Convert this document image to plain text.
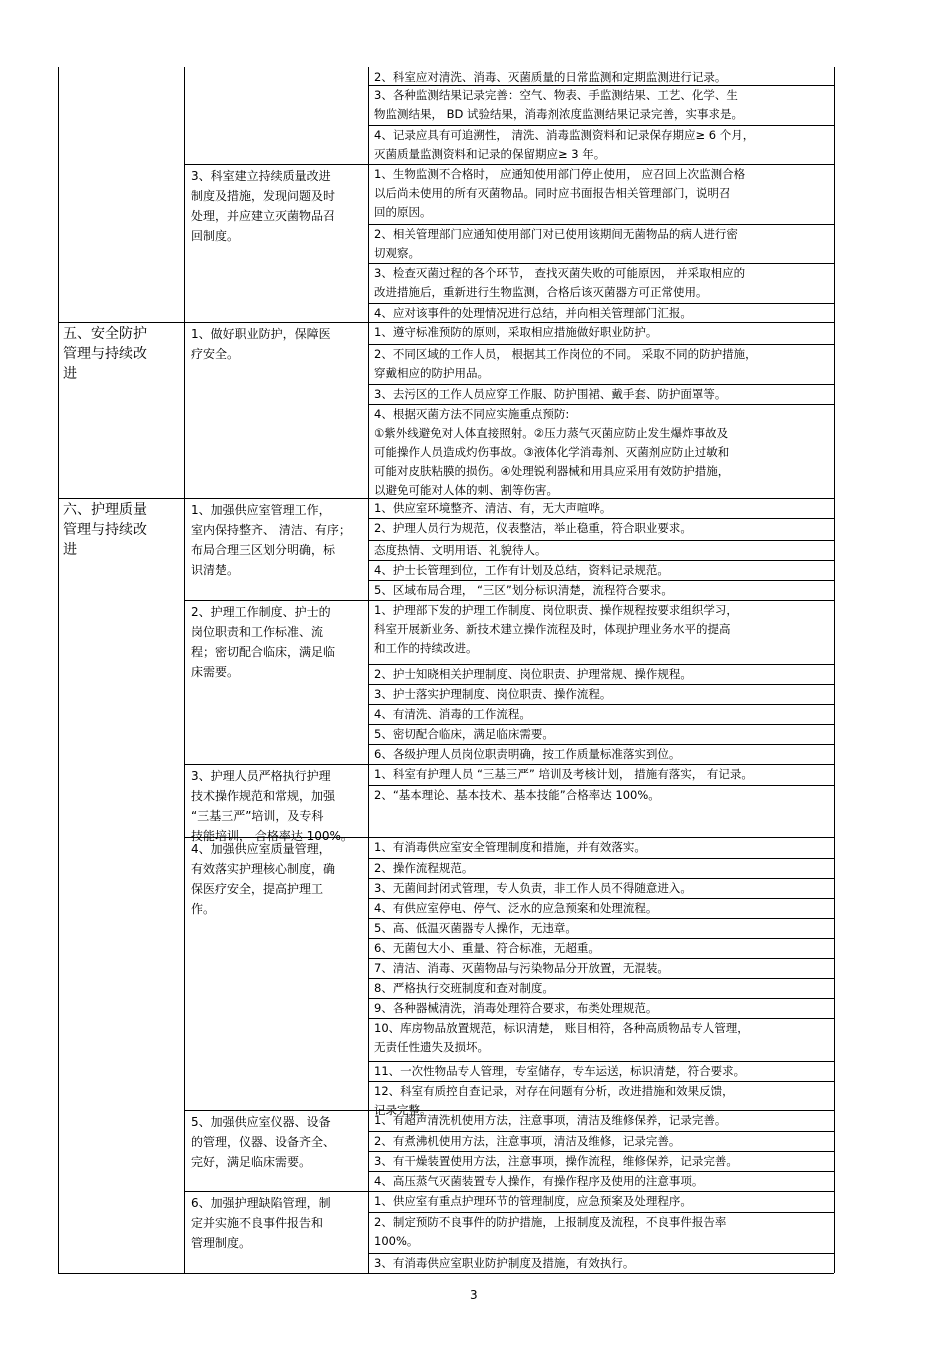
2、科室应对清洗、消毒、灭菌质量的日常监测和定期监测进行记录。
3、各种监测结果记录完善：空气、物表、手监测结果、工艺、化学、生
物监测结果， BD 试验结果，消毒剂浓度监测结果记录完善，实事求是。
4、记录应具有可追溯性， 清洗、消毒监测资料和记录保存期应≥ 6 个月，
灭菌质量监测资料和记录的保留期应≥ 3 年。
3、科室建立持续质量改进
制度及措施，发现问题及时
处理，并应建立灭菌物品召
回制度。
1、生物监测不合格时， 应通知使用部门停止使用， 应召回上次监测合格
以后尚未使用的所有灭菌物品。同时应书面报告相关管理部门，说明召
回的原因。
2、相关管理部门应通知使用部门对已使用该期间无菌物品的病人进行密
切观察。
3、检查灭菌过程的各个环节， 查找灭菌失败的可能原因， 并采取相应的
改进措施后，重新进行生物监测，合格后该灭菌器方可正常使用。
4、应对该事件的处理情况进行总结，并向相关管理部门汇报。
五、安全防护
管理与持续改
进
1、做好职业防护，保障医
疗安全。
1、遵守标准预防的原则，采取相应措施做好职业防护。
2、不同区域的工作人员， 根据其工作岗位的不同。 采取不同的防护措施，
穿戴相应的防护用品。
3、去污区的工作人员应穿工作服、防护围裙、戴手套、防护面罩等。
4、根据灭菌方法不同应实施重点预防:
①紫外线避免对人体直接照射。②压力蒸气灭菌应防止发生爆炸事故及
可能操作人员造成灼伤事故。③液体化学消毒剂、灭菌剂应防止过敏和
可能对皮肤粘膜的损伤。④处理锐利器械和用具应采用有效防护措施，
以避免可能对人体的刺、割等伤害。
六、护理质量
管理与持续改
进
1、加强供应室管理工作，
室内保持整齐、 清洁、有序；
布局合理三区划分明确，标
识清楚。
1、供应室环境整齐、清洁、有，无大声喧哗。
2、护理人员行为规范，仪表整洁，举止稳重，符合职业要求。
态度热情、文明用语、礼貌待人。
4、护士长管理到位，工作有计划及总结，资料记录规范。
5、区域布局合理， “三区”划分标识清楚，流程符合要求。
2、护理工作制度、护士的
岗位职责和工作标准、流
程；密切配合临床，满足临
床需要。
1、护理部下发的护理工作制度、岗位职责、操作规程按要求组织学习，
科室开展新业务、新技术建立操作流程及时，体现护理业务水平的提高
和工作的持续改进。
2、护士知晓相关护理制度、岗位职责、护理常规、操作规程。
3、护士落实护理制度、岗位职责、操作流程。
4、有清洗、消毒的工作流程。
5、密切配合临床，满足临床需要。
6、各级护理人员岗位职责明确，按工作质量标准落实到位。
3、护理人员严格执行护理
技术操作规范和常规，加强
“三基三严”培训，及专科
技能培训， 合格率达 100%。
1、科室有护理人员 “三基三严” 培训及考核计划， 措施有落实， 有记录。
2、“基本理论、基本技术、基本技能”合格率达 100%。
4、加强供应室质量管理，
有效落实护理核心制度，确
保医疗安全，提高护理工
作。
1、有消毒供应室安全管理制度和措施，并有效落实。
2、操作流程规范。
3、无菌间封闭式管理，专人负责，非工作人员不得随意进入。
4、有供应室停电、停气、泛水的应急预案和处理流程。
5、高、低温灭菌器专人操作，无违章。
6、无菌包大小、重量、符合标准，无超重。
7、清洁、消毒、灭菌物品与污染物品分开放置，无混装。
8、严格执行交班制度和查对制度。
9、各种器械清洗，消毒处理符合要求，布类处理规范。
10、库房物品放置规范，标识清楚， 账目相符，各种高质物品专人管理，
无责任性遗失及损坏。
11、一次性物品专人管理，专室储存，专车运送，标识清楚，符合要求。
12、科室有质控自查记录，对存在问题有分析，改进措施和效果反馈，
记录完整。
5、加强供应室仪器、设备
的管理，仪器、设备齐全、
完好，满足临床需要。
1、有超声清洗机使用方法，注意事项，清洁及维修保养，记录完善。
2、有煮沸机使用方法，注意事项，清洁及维修，记录完善。
3、有干燥装置使用方法，注意事项，操作流程，维修保养，记录完善。
4、高压蒸气灭菌装置专人操作，有操作程序及使用的注意事项。
6、加强护理缺陷管理，制
定并实施不良事件报告和
管理制度。
1、供应室有重点护理环节的管理制度，应急预案及处理程序。
2、制定预防不良事件的防护措施，上报制度及流程，不良事件报告率
100%。
3、有消毒供应室职业防护制度及措施，有效执行。
3
